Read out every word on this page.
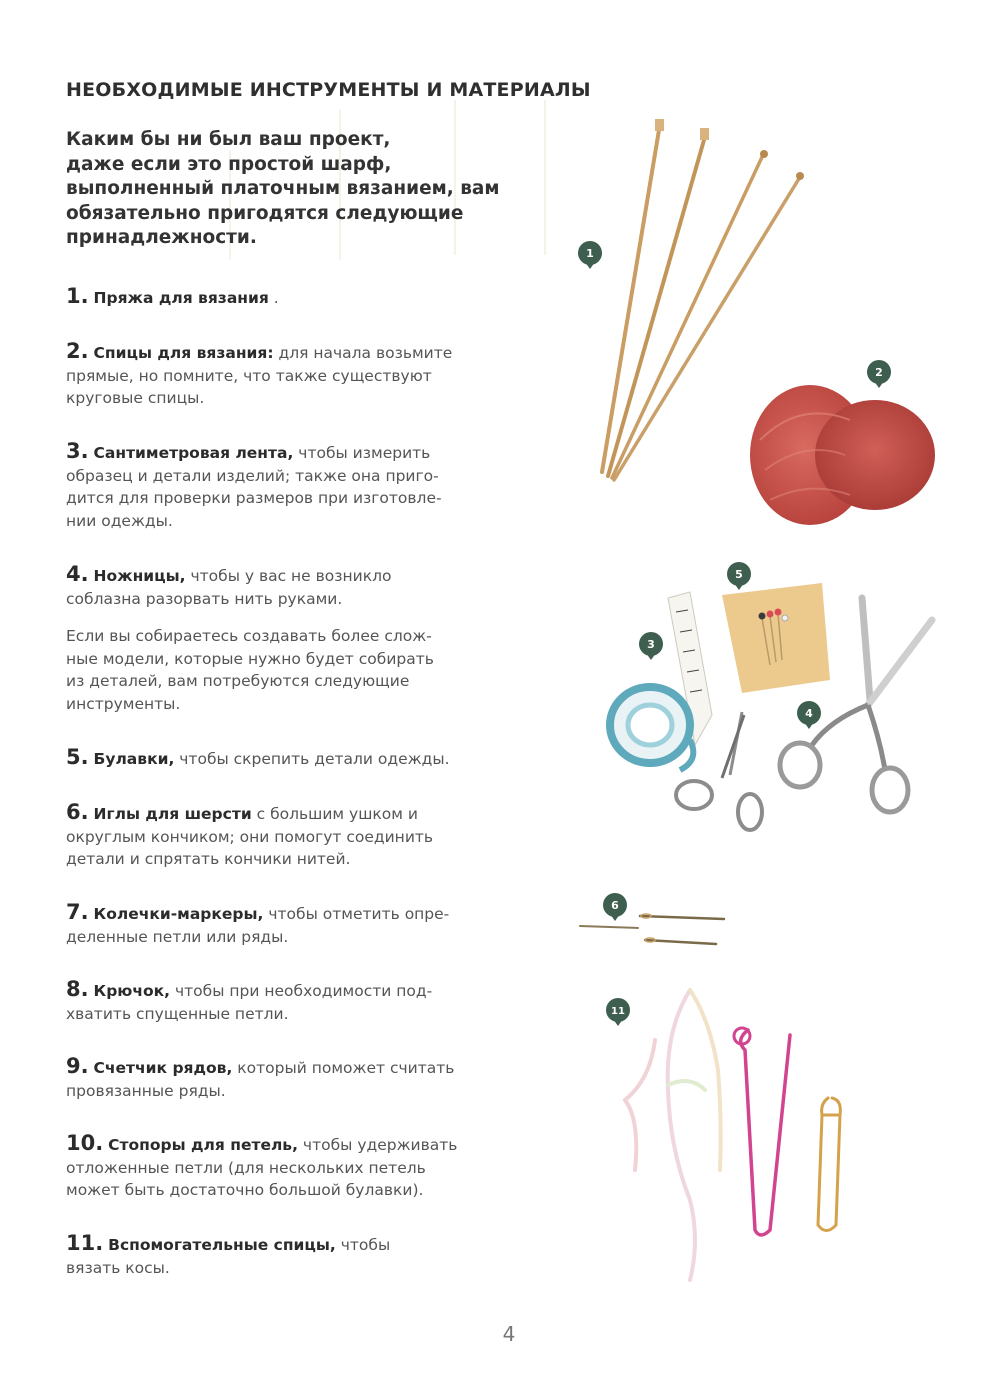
НЕОБХОДИМЫЕ ИНСТРУМЕНТЫ И МАТЕРИАЛЫ
Каким бы ни был ваш проект,
даже если это простой шарф,
выполненный платочным вязанием, вам
обязательно пригодятся следующие
принадлежности.
1. Пряжа для вязания .
2. Спицы для вязания: для начала возьмите
прямые, но помните, что также существуют
круговые спицы.
3. Сантиметровая лента, чтобы измерить
образец и детали изделий; также она приго-
дится для проверки размеров при изготовле-
нии одежды.
4. Ножницы, чтобы у вас не возникло
соблазна разорвать нить руками.
Если вы собираетесь создавать более слож-
ные модели, которые нужно будет собирать
из деталей, вам потребуются следующие
инструменты.
5. Булавки, чтобы скрепить детали одежды.
6. Иглы для шерсти с большим ушком и
округлым кончиком; они помогут соединить
детали и спрятать кончики нитей.
7. Колечки-маркеры, чтобы отметить опре-
деленные петли или ряды.
8. Крючок, чтобы при необходимости под-
хватить спущенные петли.
9. Счетчик рядов, который поможет считать
провязанные ряды.
10. Стопоры для петель, чтобы удерживать
отложенные петли (для нескольких петель
может быть достаточно большой булавки).
11. Вспомогательные спицы, чтобы
вязать косы.
1
2
3
4
5
6
11
4
